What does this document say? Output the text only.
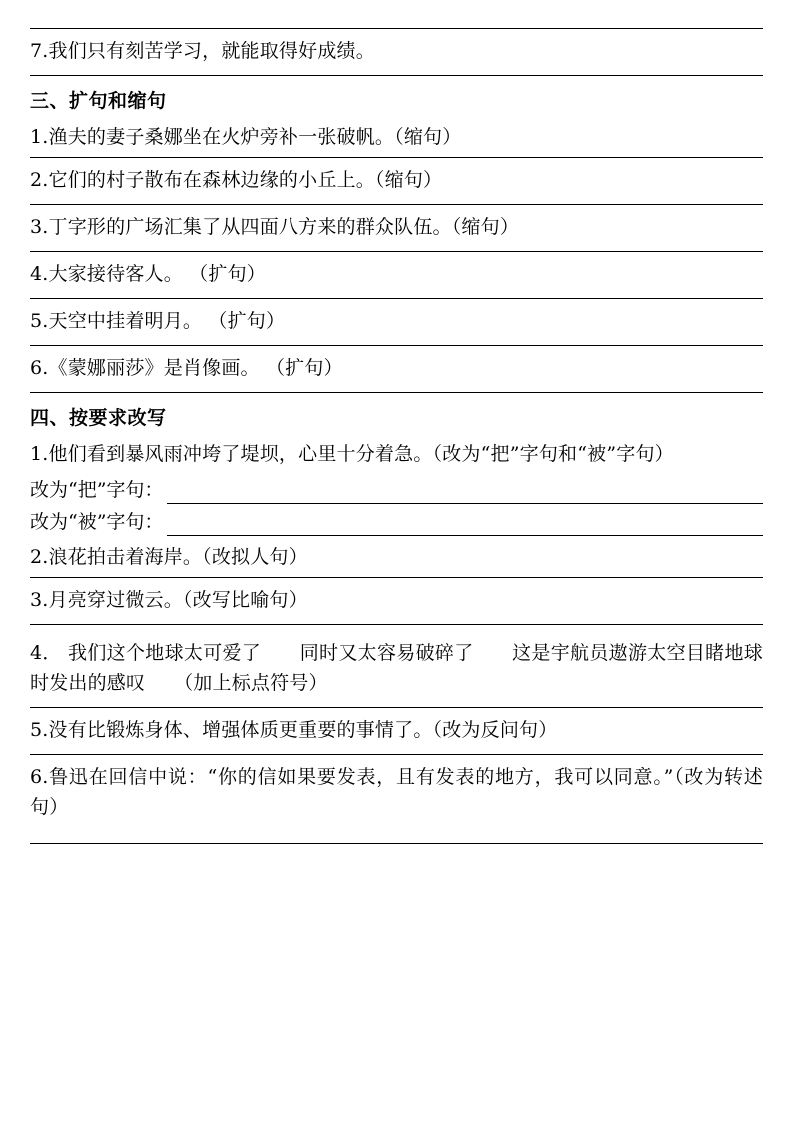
7.我们只有刻苦学习，就能取得好成绩。
三、扩句和缩句
1.渔夫的妻子桑娜坐在火炉旁补一张破帆。（缩句）
2.它们的村子散布在森林边缘的小丘上。（缩句）
3.丁字形的广场汇集了从四面八方来的群众队伍。（缩句）
4.大家接待客人。 （扩句）
5.天空中挂着明月。 （扩句）
6.《蒙娜丽莎》是肖像画。 （扩句）
四、按要求改写
1.他们看到暴风雨冲垮了堤坝，心里十分着急。（改为“把”字句和“被”字句）
改为“把”字句：
改为“被”字句：
2.浪花拍击着海岸。（改拟人句）
3.月亮穿过微云。（改写比喻句）
4． 我们这个地球太可爱了　　同时又太容易破碎了　　这是宇航员遨游太空目睹地球时发出的感叹　　（加上标点符号）
5.没有比锻炼身体、增强体质更重要的事情了。（改为反问句）
6.鲁迅在回信中说：“你的信如果要发表，且有发表的地方，我可以同意。”（改为转述句）
